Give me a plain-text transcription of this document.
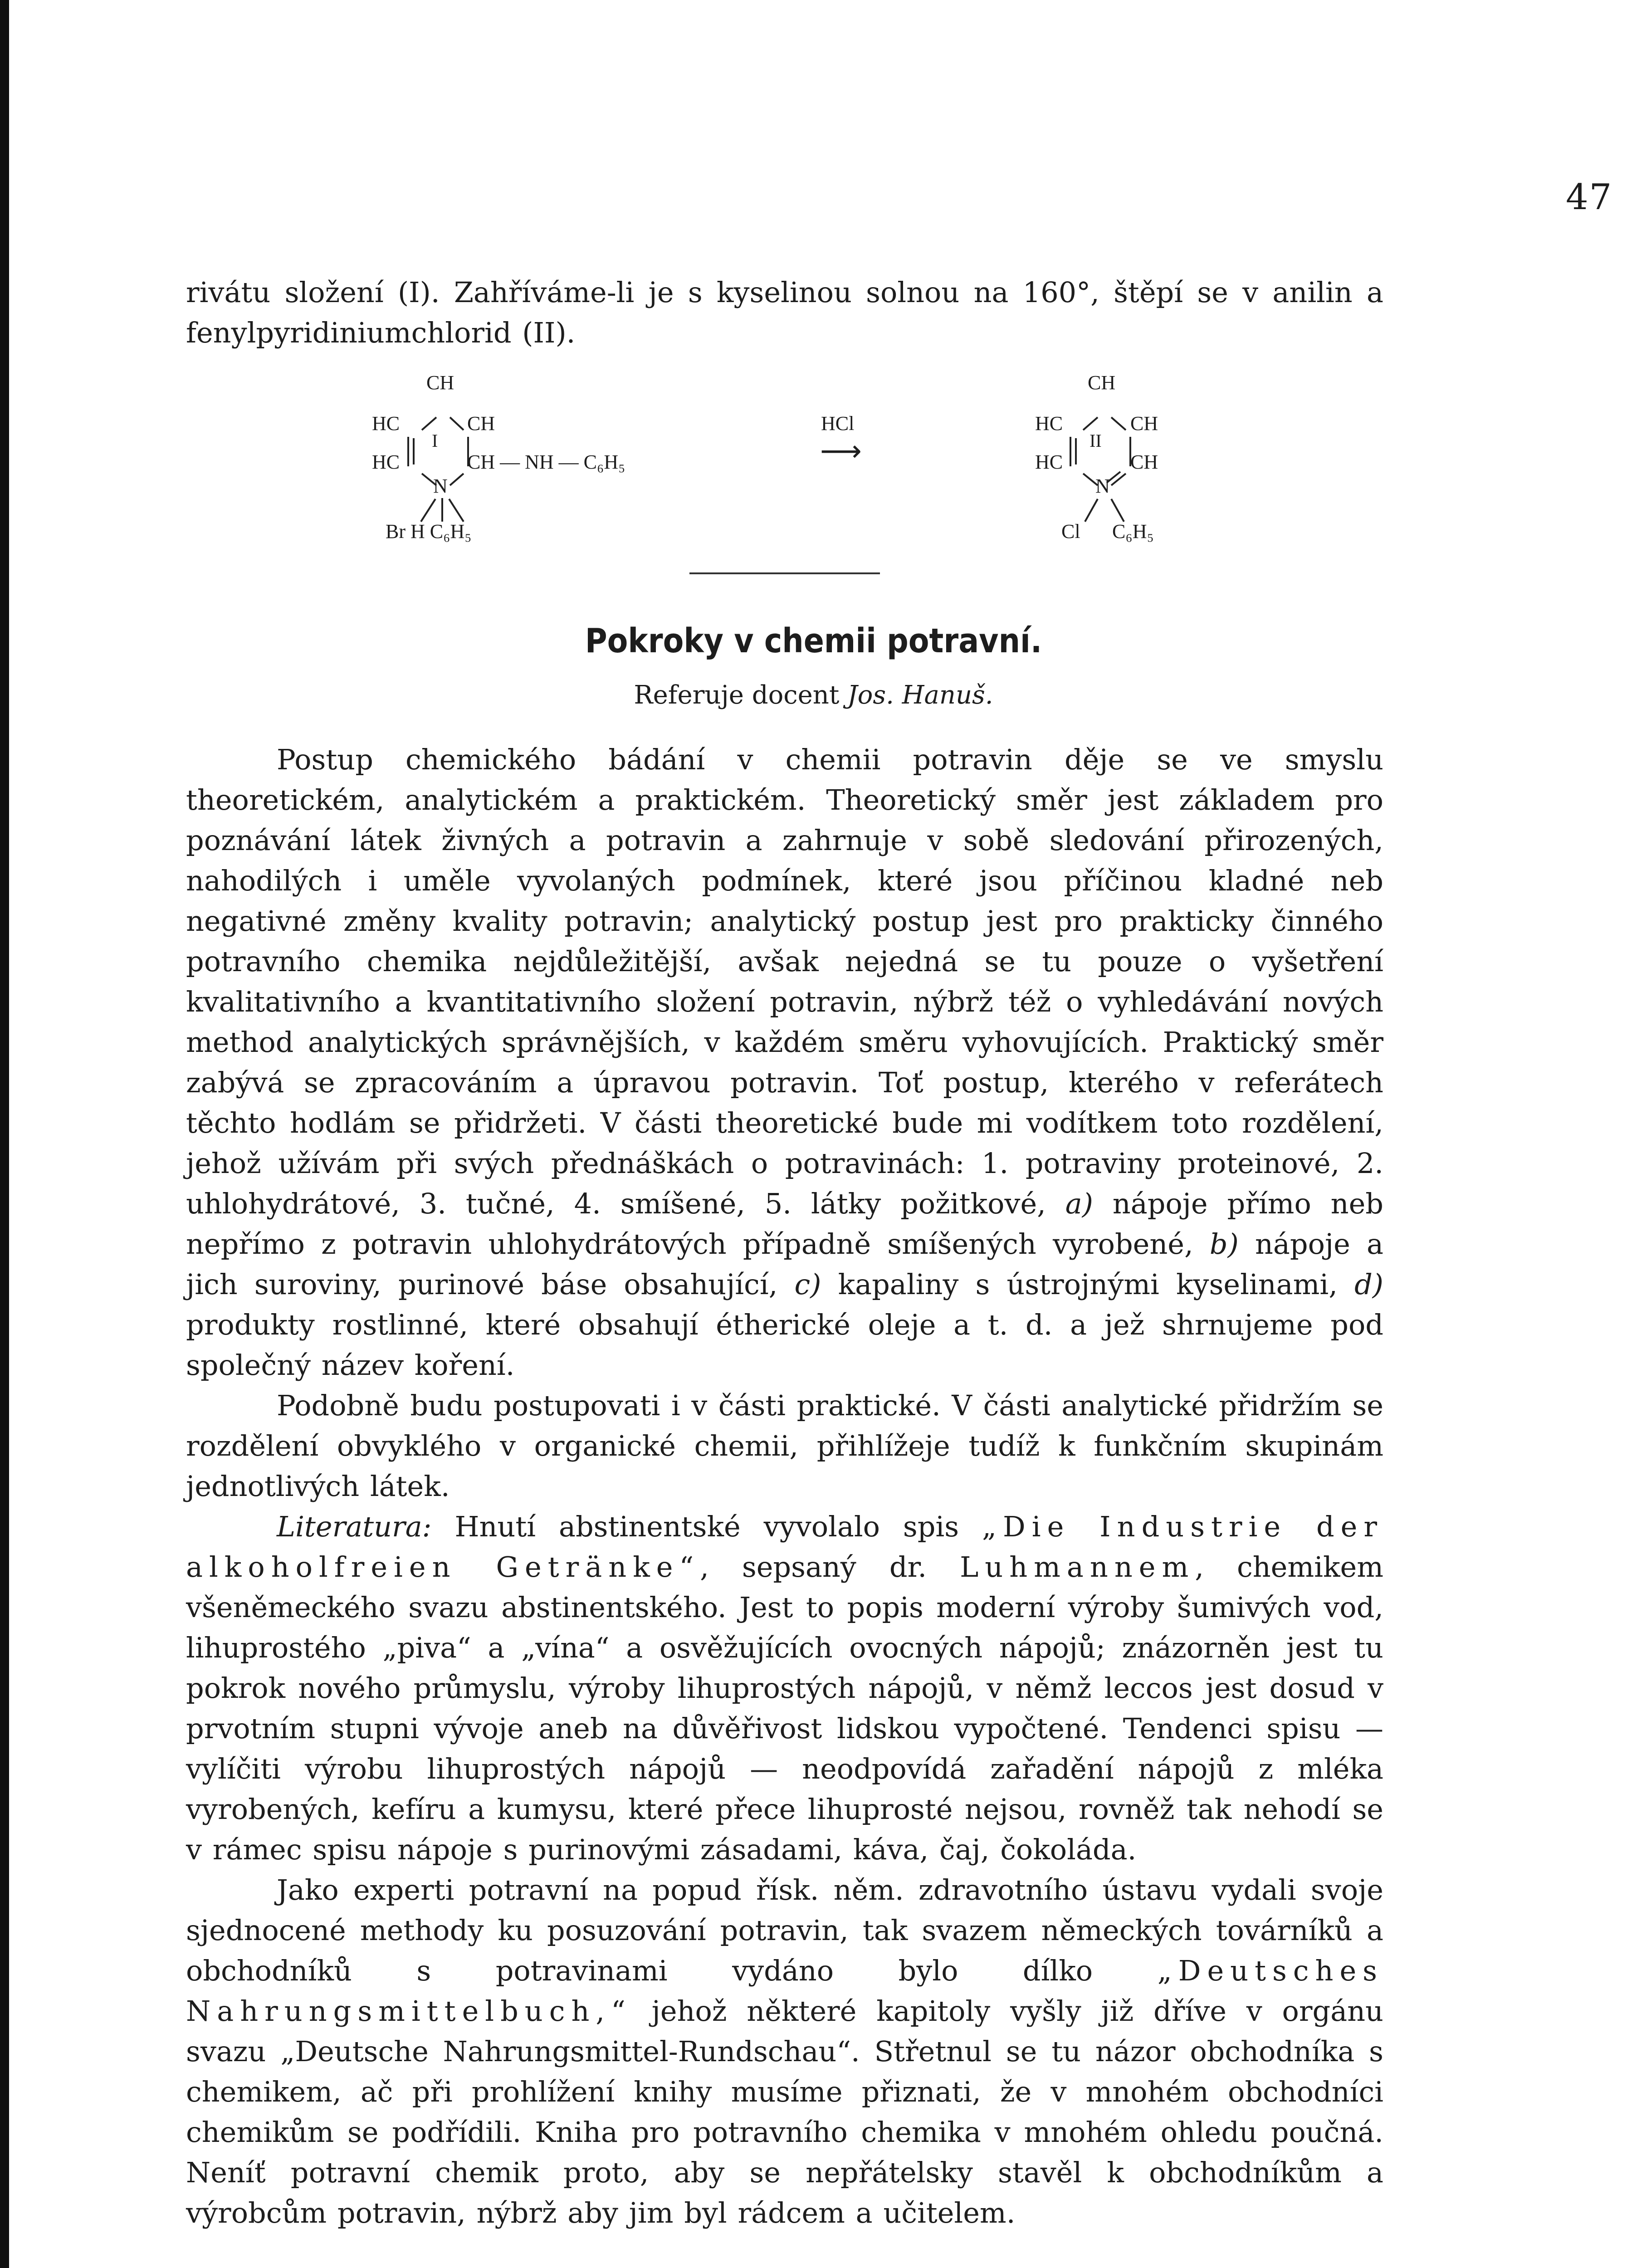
47
rivátu složení (I). Zahříváme-li je s kyselinou solnou na 160°, štěpí se v anilin a fenylpyridiniumchlorid (II).
CH
HC	CH
I
HC	CH — NH — C₆H₅
N
Br H C₆H₅
HCl
⟶
CH
HC	CH
II
HC	CH
N
Cl C₆H₅
Pokroky v chemii potravní.
Referuje docent Jos. Hanuš.

Postup chemického bádání v chemii potravin děje se ve smyslu theoretickém, analytickém a praktickém. Theoretický směr jest základem pro poznávání látek živných a potravin a zahrnuje v sobě sledování přirozených, nahodilých i uměle vyvolaných podmínek, které jsou příčinou kladné neb negativné změny kvality potravin; analytický postup jest pro prakticky činného potravního chemika nejdůležitější, avšak nejedná se tu pouze o vyšetření kvalitativního a kvantitativního složení potravin, nýbrž též o vyhledávání nových method analytických správnějších, v každém směru vyhovujících. Praktický směr zabývá se zpracováním a úpravou potravin. Toť postup, kterého v referátech těchto hodlám se přidržeti. V části theoretické bude mi vodítkem toto rozdělení, jehož užívám při svých přednáškách o potravinách: 1. potraviny proteinové, 2. uhlohydrátové, 3. tučné, 4. smíšené, 5. látky požitkové, a) nápoje přímo neb nepřímo z potravin uhlohydrátových případně smíšených vyrobené, b) nápoje a jich suroviny, purinové báse obsahující, c) kapaliny s ústrojnými kyselinami, d) produkty rostlinné, které obsahují étherické oleje a t. d. a jež shrnujeme pod společný název koření.

Podobně budu postupovati i v části praktické. V části analytické přidržím se rozdělení obvyklého v organické chemii, přihlížeje tudíž k funkčním skupinám jednotlivých látek.

Literatura: Hnutí abstinentské vyvolalo spis „Die Industrie der alkoholfreien Getränke“, sepsaný dr. Luhmannem, chemikem všeněmeckého svazu abstinentského. Jest to popis moderní výroby šumivých vod, lihuprostého „piva“ a „vína“ a osvěžujících ovocných nápojů; znázorněn jest tu pokrok nového průmyslu, výroby lihuprostých nápojů, v němž leccos jest dosud v prvotním stupni vývoje aneb na důvěřivost lidskou vypočtené. Tendenci spisu — vylíčiti výrobu lihuprostých nápojů — neodpovídá zařadění nápojů z mléka vyrobených, kefíru a kumysu, které přece lihuprosté nejsou, rovněž tak nehodí se v rámec spisu nápoje s purinovými zásadami, káva, čaj, čokoláda.

Jako experti potravní na popud řísk. něm. zdravotního ústavu vydali svoje sjednocené methody ku posuzování potravin, tak svazem německých továrníků a obchodníků s potravinami vydáno bylo dílko „Deutsches Nahrungsmittelbuch,“ jehož některé kapitoly vyšly již dříve v orgánu svazu „Deutsche Nahrungsmittel-Rundschau“. Střetnul se tu názor obchodníka s chemikem, ač při prohlížení knihy musíme přiznati, že v mnohém obchodníci chemikům se podřídili. Kniha pro potravního chemika v mnohém ohledu poučná. Neníť potravní chemik proto, aby se nepřátelsky stavěl k obchodníkům a výrobcům potravin, nýbrž aby jim byl rádcem a učitelem.
